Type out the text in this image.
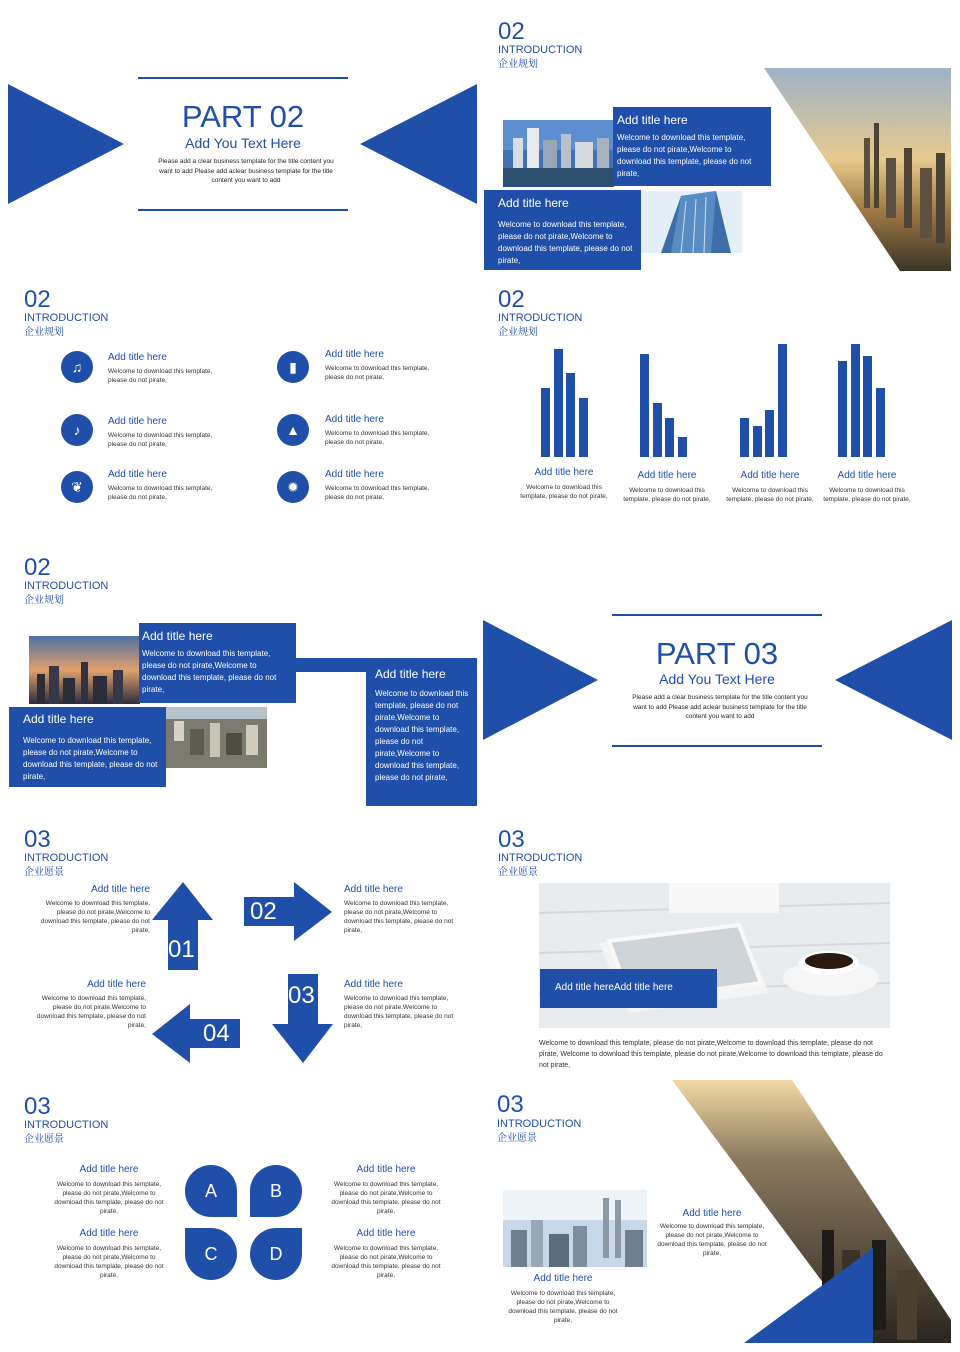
PART 02
Add You Text Here
Please add a clear business template for the title content you want to add Please add aclear business template for the title content you want to add
02
INTRODUCTION
企业规划
Add title here
Welcome to download this template, please do not pirate,Welcome to download this template, please do not pirate,
Add title here
Welcome to download this template, please do not pirate,Welcome to download this template, please do not pirate,
02
INTRODUCTION
企业规划
♫
Add title here
Welcome to download this template, please do not pirate,
▮
Add title here
Welcome to download this template, please do not pirate,
♪
Add title here
Welcome to download this template, please do not pirate,
▲
Add title here
Welcome to download this template, please do not pirate,
❦
Add title here
Welcome to download this template, please do not pirate,
✹
Add title here
Welcome to download this template, please do not pirate,
02
INTRODUCTION
企业规划
Add title here
Welcome to download this template, please do not pirate,
Add title here
Welcome to download this template, please do not pirate,
Add title here
Welcome to download this template, please do not pirate,
Add title here
Welcome to download this template, please do not pirate,
02
INTRODUCTION
企业规划
Add title here
Welcome to download this template, please do not pirate,Welcome to download this template, please do not pirate,
Add title here
Welcome to download this template, please do not pirate,Welcome to download this template, please do not pirate,
Add title here
Welcome to download this template, please do not pirate,Welcome to download this template, please do not pirate,Welcome to download this template, please do not pirate,
PART 03
Add You Text Here
Please add a clear business template for the title content you want to add Please add aclear business template for the title content you want to add
03
INTRODUCTION
企业愿景
01
02
03
04
Add title here
Welcome to download this template, please do not pirate,Welcome to download this template, please do not pirate,
Add title here
Welcome to download this template, please do not pirate,Welcome to download this template, please do not pirate,
Add title here
Welcome to download this template, please do not pirate,Welcome to download this template, please do not pirate,
Add title here
Welcome to download this template, please do not pirate,Welcome to download this template, please do not pirate,
03
INTRODUCTION
企业愿景
Add title hereAdd title here
Welcome to download this template, please do not pirate,Welcome to download this template, please do not pirate, Welcome to download this template, please do not pirate,Welcome to download this template, please do not pirate,
03
INTRODUCTION
企业愿景
A	B
C	D
Add title here
Welcome to download this template, please do not pirate,Welcome to download this template, please do not pirate,
Add title here
Welcome to download this template, please do not pirate,Welcome to download this template, please do not pirate,
Add title here
Welcome to download this template, please do not pirate,Welcome to download this template, please do not pirate,
Add title here
Welcome to download this template, please do not pirate,Welcome to download this template, please do not pirate,
03
INTRODUCTION
企业愿景
Add title here
Welcome to download this template, please do not pirate,Welcome to download this template, please do not pirate,
Add title here
Welcome to download this template, please do not pirate,Welcome to download this template, please do not pirate,
